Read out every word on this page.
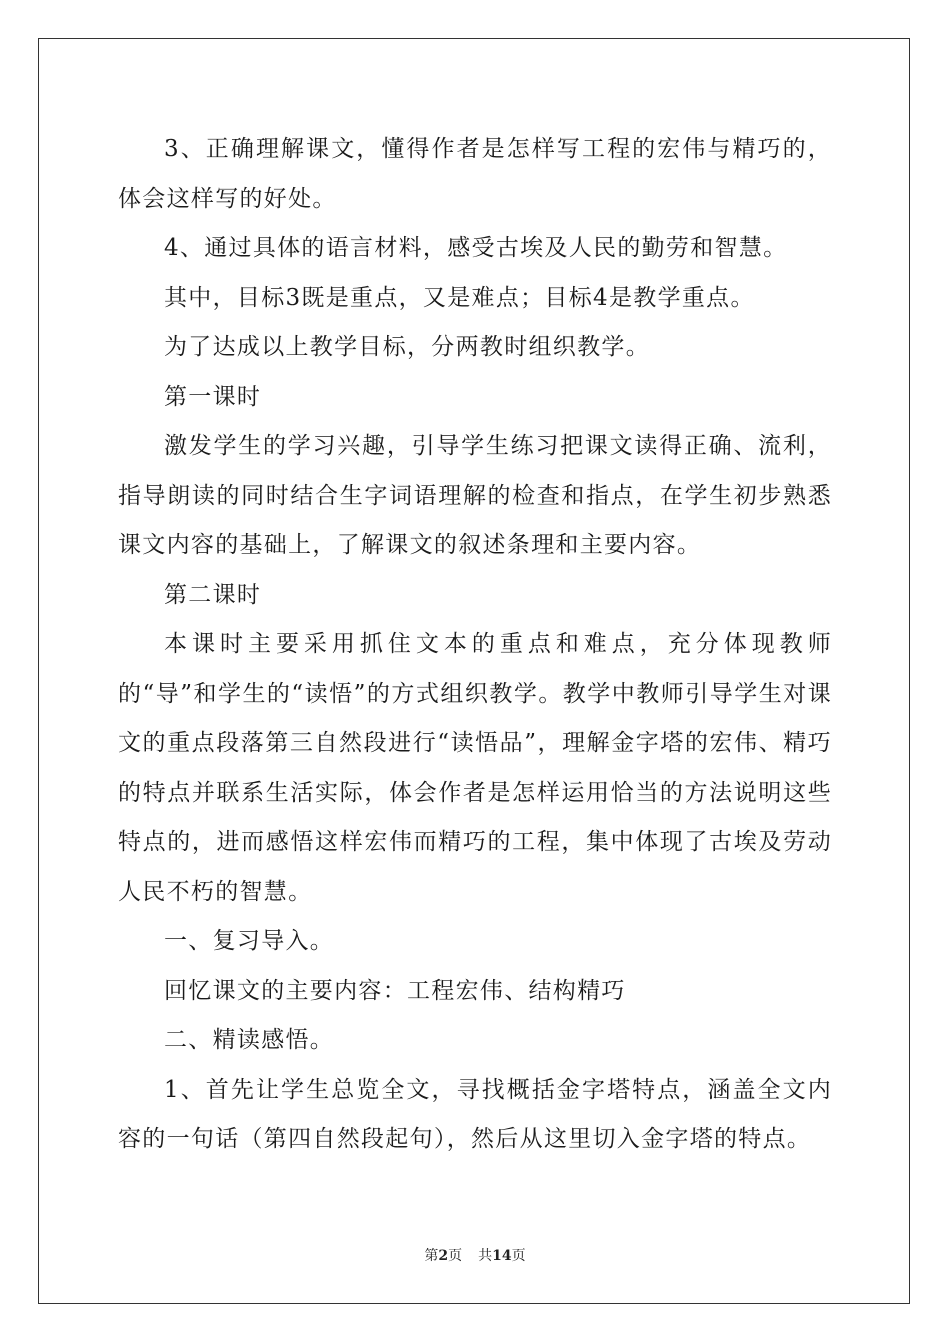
3、正确理解课文，懂得作者是怎样写工程的宏伟与精巧的，体会这样写的好处。

4、通过具体的语言材料，感受古埃及人民的勤劳和智慧。

其中，目标3既是重点，又是难点；目标4是教学重点。

为了达成以上教学目标，分两教时组织教学。

第一课时

激发学生的学习兴趣，引导学生练习把课文读得正确、流利，指导朗读的同时结合生字词语理解的检查和指点，在学生初步熟悉课文内容的基础上，了解课文的叙述条理和主要内容。

第二课时

本课时主要采用抓住文本的重点和难点，充分体现教师的“导”和学生的“读悟”的方式组织教学。教学中教师引导学生对课文的重点段落第三自然段进行“读悟品”，理解金字塔的宏伟、精巧的特点并联系生活实际，体会作者是怎样运用恰当的方法说明这些特点的，进而感悟这样宏伟而精巧的工程，集中体现了古埃及劳动人民不朽的智慧。

一、复习导入。

回忆课文的主要内容：工程宏伟、结构精巧

二、精读感悟。

1、首先让学生总览全文，寻找概括金字塔特点，涵盖全文内容的一句话（第四自然段起句），然后从这里切入金字塔的特点。

第2页 共14页
